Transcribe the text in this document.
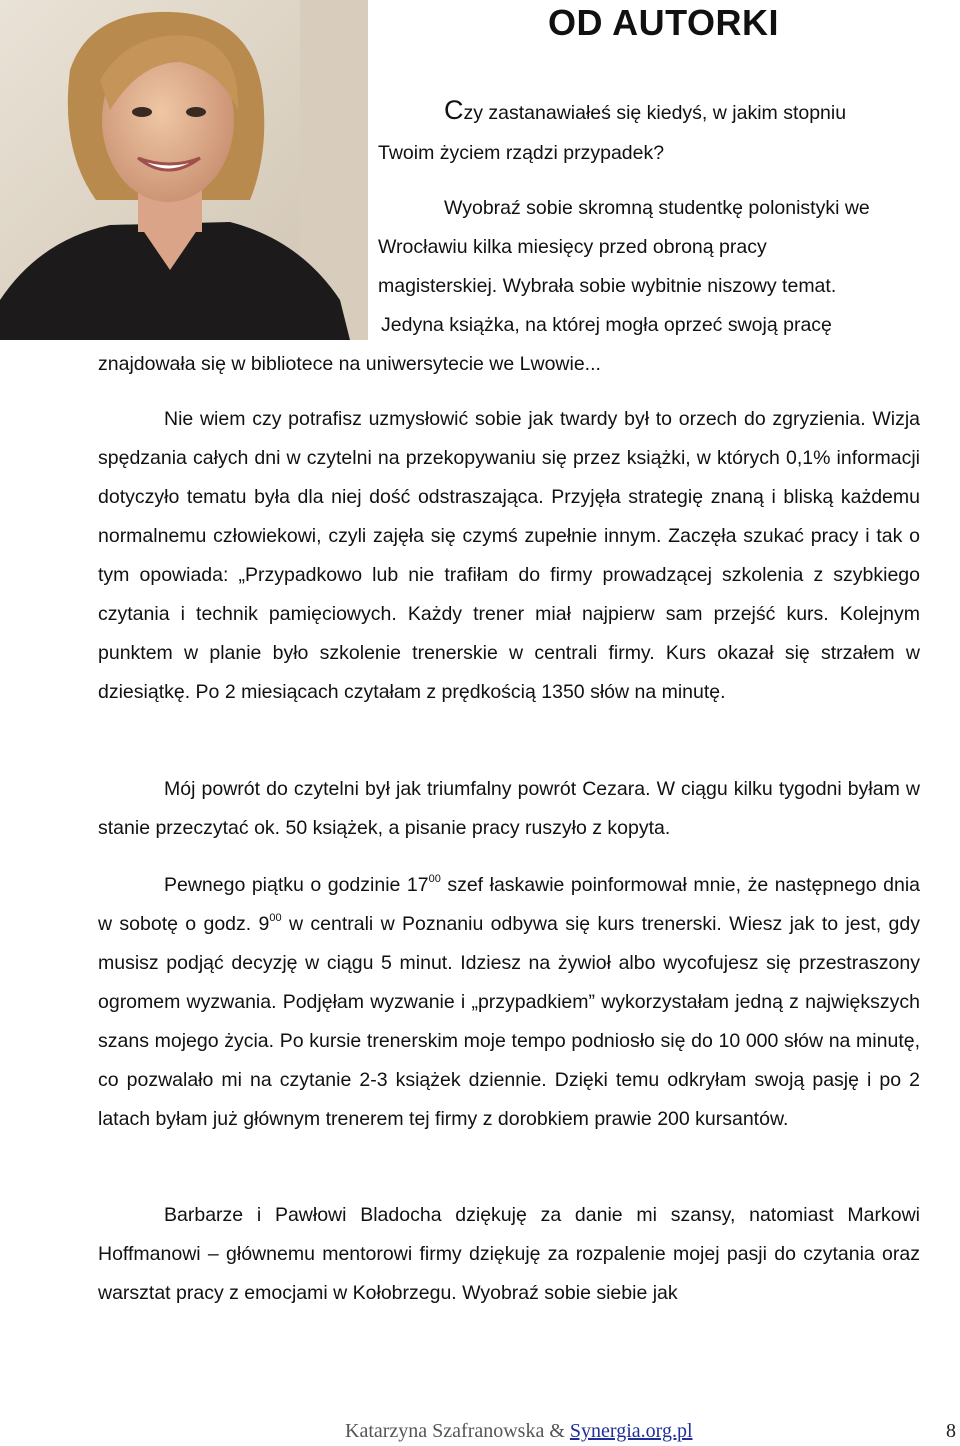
OD AUTORKI
Czy zastanawiałeś się kiedyś, w jakim stopniu
Twoim życiem rządzi przypadek?
Wyobraź sobie skromną studentkę polonistyki we
Wrocławiu kilka miesięcy przed obroną pracy
magisterskiej. Wybrała sobie wybitnie niszowy temat.
Jedyna książka, na której mogła oprzeć swoją pracę
znajdowała się w bibliotece na uniwersytecie we Lwowie...
Nie wiem czy potrafisz uzmysłowić sobie jak twardy był to orzech do zgryzienia. Wizja spędzania całych dni w czytelni na przekopywaniu się przez książki, w których 0,1% informacji dotyczyło tematu była dla niej dość odstraszająca. Przyjęła strategię znaną i bliską każdemu normalnemu człowiekowi, czyli zajęła się czymś zupełnie innym. Zaczęła szukać pracy i tak o tym opowiada: „Przypadkowo lub nie trafiłam do firmy prowadzącej szkolenia z szybkiego czytania i technik pamięciowych. Każdy trener miał najpierw sam przejść kurs. Kolejnym punktem w planie było szkolenie trenerskie w centrali firmy. Kurs okazał się strzałem w dziesiątkę. Po 2 miesiącach czytałam z prędkością 1350 słów na minutę.
Mój powrót do czytelni był jak triumfalny powrót Cezara. W ciągu kilku tygodni byłam w stanie przeczytać ok. 50 książek, a pisanie pracy ruszyło z kopyta.
Pewnego piątku o godzinie $17^{00}$ szef łaskawie poinformował mnie, że następnego dnia w sobotę o godz. $9^{00}$ w centrali w Poznaniu odbywa się kurs trenerski. Wiesz jak to jest, gdy musisz podjąć decyzję w ciągu 5 minut. Idziesz na żywioł albo wycofujesz się przestraszony ogromem wyzwania. Podjęłam wyzwanie i „przypadkiem” wykorzystałam jedną z największych szans mojego życia. Po kursie trenerskim moje tempo podniosło się do 10 000 słów na minutę, co pozwalało mi na czytanie 2-3 książek dziennie. Dzięki temu odkryłam swoją pasję i po 2 latach byłam już głównym trenerem tej firmy z dorobkiem prawie 200 kursantów.
Barbarze i Pawłowi Bladocha dziękuję za danie mi szansy, natomiast Markowi Hoffmanowi – głównemu mentorowi firmy dziękuję za rozpalenie mojej pasji do czytania oraz warsztat pracy z emocjami w Kołobrzegu. Wyobraź sobie siebie jak
Katarzyna Szafranowska & Synergia.org.pl	8
